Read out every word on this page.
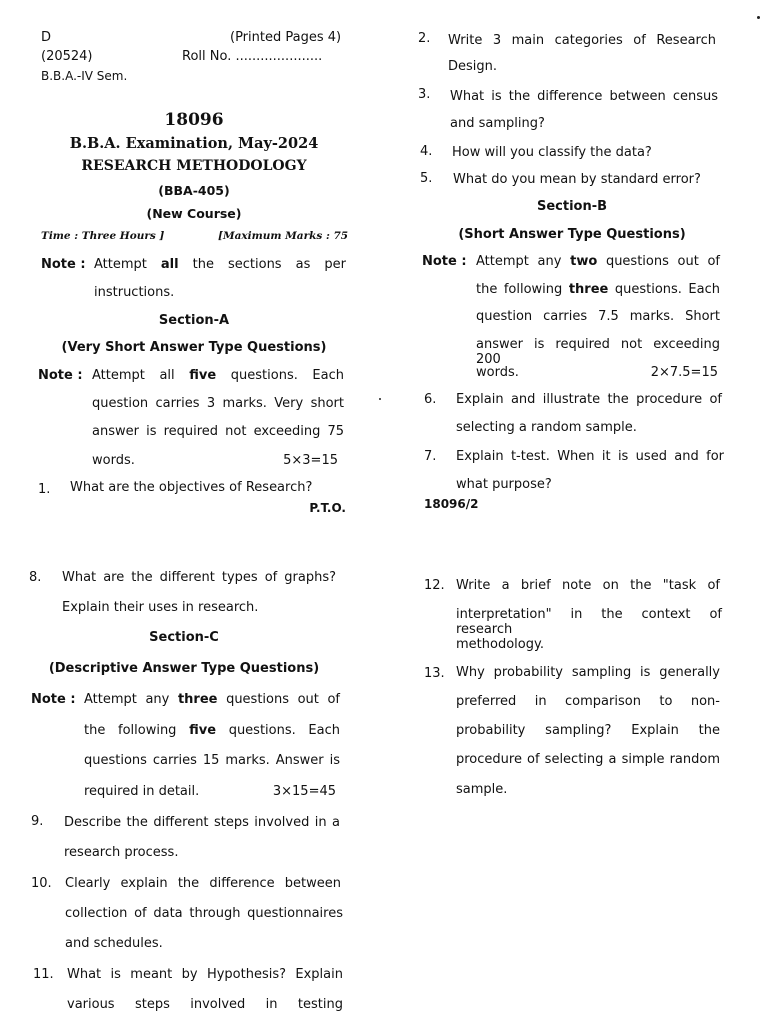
D	(Printed Pages 4)
(20524)	Roll No. .....................
B.B.A.-IV Sem.
18096
B.B.A. Examination, May-2024
RESEARCH METHODOLOGY
(BBA-405)
(New Course)
Time : Three Hours ]	[Maximum Marks : 75
Note : Attempt all the sections as per
instructions.
Section-A
(Very Short Answer Type Questions)
Note : Attempt all five questions. Each
question carries 3 marks. Very short
answer is required not exceeding 75
words.	5×3=15
1. What are the objectives of Research?
P.T.O.
2. Write 3 main categories of Research
Design.
3. What is the difference between census
and sampling?
4. How will you classify the data?
5. What do you mean by standard error?
Section-B
(Short Answer Type Questions)
Note : Attempt any two questions out of
the following three questions. Each
question carries 7.5 marks. Short
answer is required not exceeding 200
words.	2×7.5=15
6. Explain and illustrate the procedure of
selecting a random sample.
7. Explain t-test. When it is used and for
what purpose?
18096/2
8. What are the different types of graphs?
Explain their uses in research.
Section-C
(Descriptive Answer Type Questions)
Note : Attempt any three questions out of
the following five questions. Each
questions carries 15 marks. Answer is
required in detail.	3×15=45
9. Describe the different steps involved in a
research process.
10. Clearly explain the difference between
collection of data through questionnaires
and schedules.
11. What is meant by Hypothesis? Explain
various steps involved in testing
12. Write a brief note on the "task of
interpretation" in the context of research
methodology.
13. Why probability sampling is generally
preferred in comparison to non-
probability sampling? Explain the
procedure of selecting a simple random
sample.
